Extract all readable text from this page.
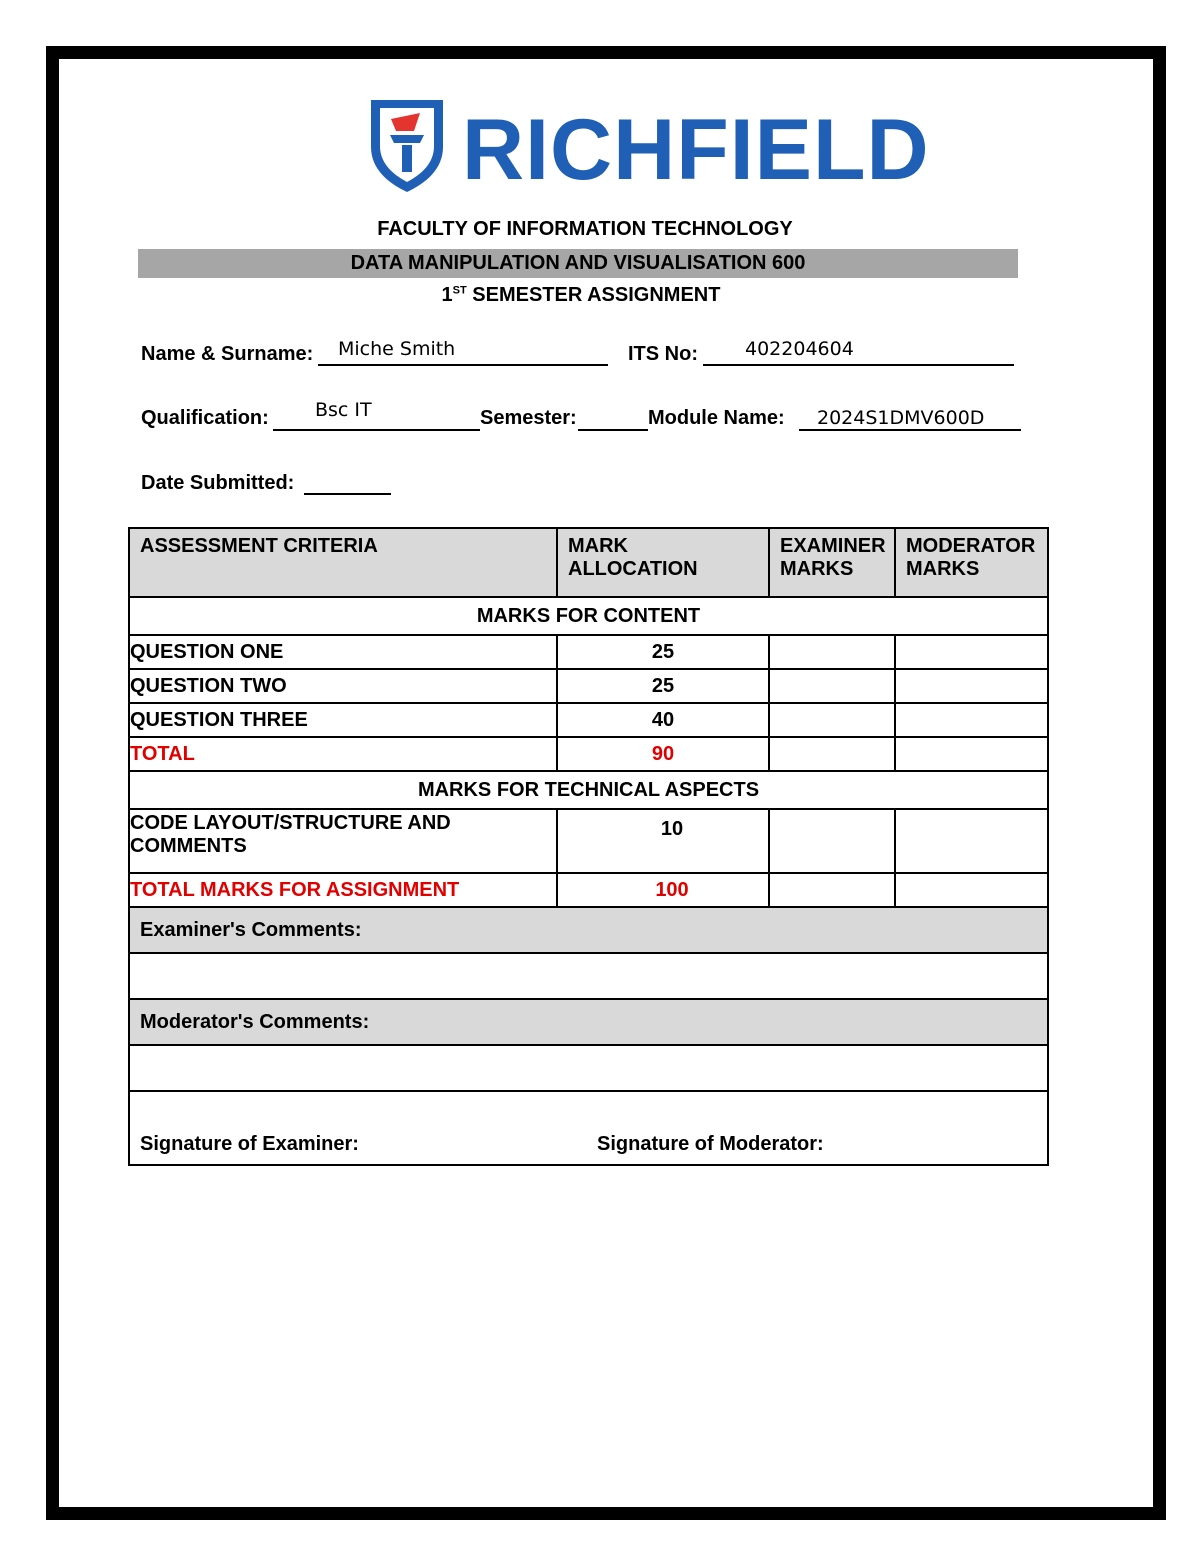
RICHFIELD
FACULTY OF INFORMATION TECHNOLOGY
DATA MANIPULATION AND VISUALISATION 600
1ST SEMESTER ASSIGNMENT
Name & Surname: Miche Smith	ITS No: 402204604
Qualification: Bsc IT	Semester:	Module Name: 2024S1DMV600D
Date Submitted:
ASSESSMENT CRITERIA	MARK ALLOCATION	EXAMINER MARKS	MODERATOR MARKS
MARKS FOR CONTENT			
QUESTION ONE	25		
QUESTION TWO	25		
QUESTION THREE	40		
TOTAL	90		
MARKS FOR TECHNICAL ASPECTS			
CODE LAYOUT/STRUCTURE AND COMMENTS	10		
TOTAL MARKS FOR ASSIGNMENT	100		
Examiner's Comments:			

Moderator's Comments:			

Signature of Examiner: Signature of Moderator:			
